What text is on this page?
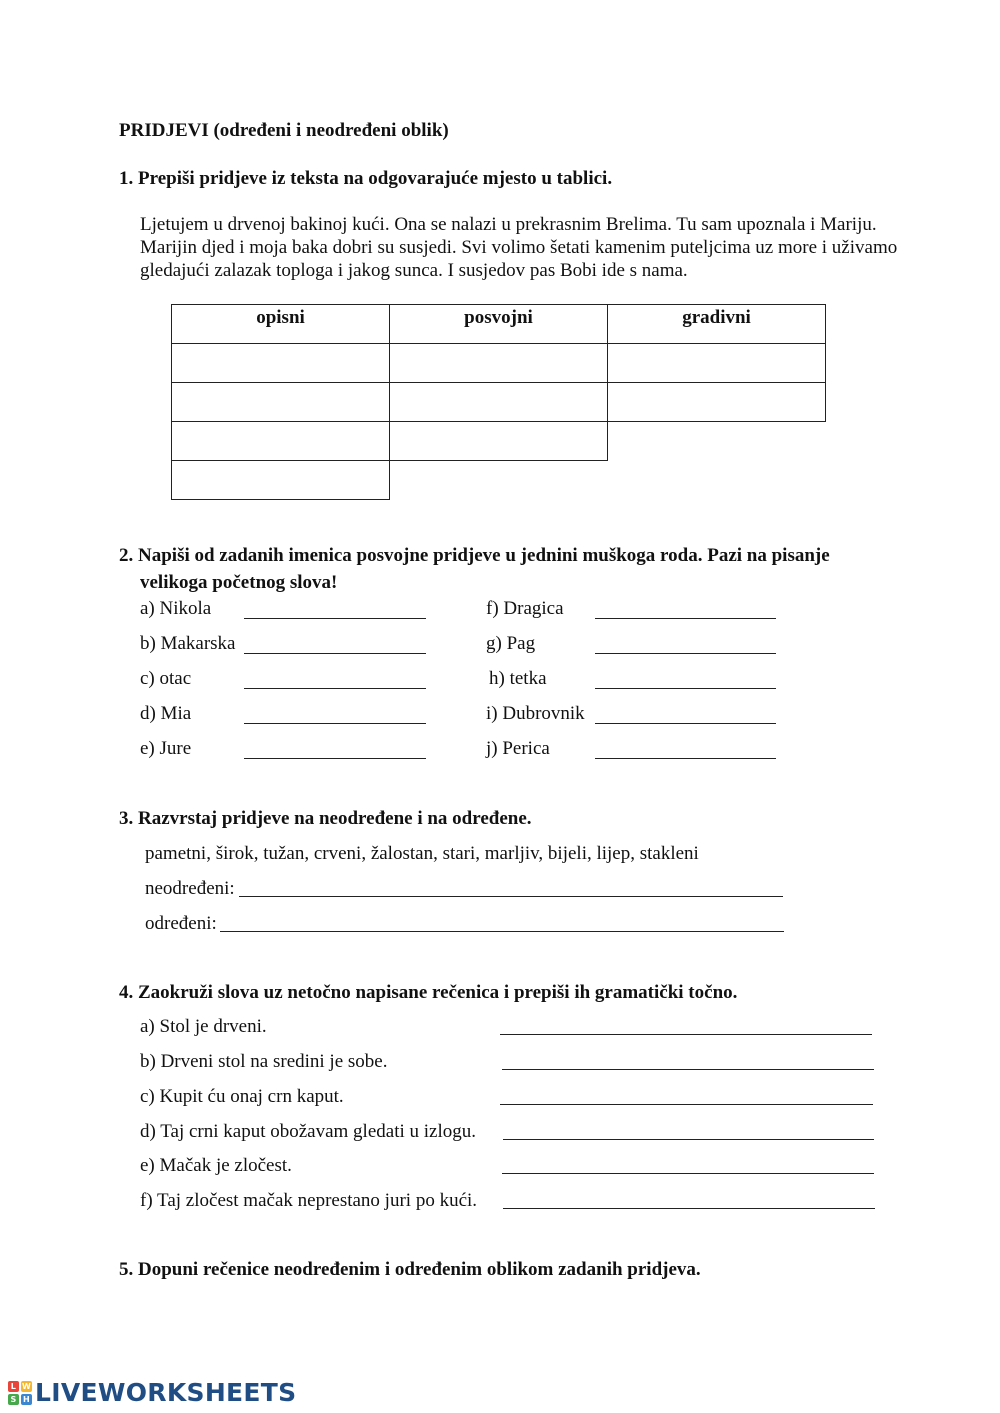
PRIDJEVI (određeni i neodređeni oblik)
1. Prepiši pridjeve iz teksta na odgovarajuće mjesto u tablici.
Ljetujem u drvenoj bakinoj kući. Ona se nalazi u prekrasnim Brelima. Tu sam upoznala i Mariju. Marijin djed i moja baka dobri su susjedi. Svi volimo šetati kamenim puteljcima uz more i uživamo gledajući zalazak toploga i jakog sunca. I susjedov pas Bobi ide s nama.
opisni	posvojni	gradivni

2. Napiši od zadanih imenica posvojne pridjeve u jednini muškoga roda. Pazi na pisanje
velikoga početnog slova!
a) Nikola
b) Makarska
c) otac
d) Mia
e) Jure
f) Dragica
g) Pag
h) tetka
i) Dubrovnik
j) Perica
3. Razvrstaj pridjeve na neodređene i na određene.
pametni, širok, tužan, crveni, žalostan, stari, marljiv, bijeli, lijep, stakleni
neodređeni:
određeni:
4. Zaokruži slova uz netočno napisane rečenica i prepiši ih gramatički točno.
a) Stol je drveni.
b) Drveni stol na sredini je sobe.
c) Kupit ću onaj crn kaput.
d) Taj crni kaput obožavam gledati u izlogu.
e) Mačak je zločest.
f) Taj zločest mačak neprestano juri po kući.
5. Dopuni rečenice neodređenim i određenim oblikom zadanih pridjeva.
L W
S H LIVEWORKSHEETS
